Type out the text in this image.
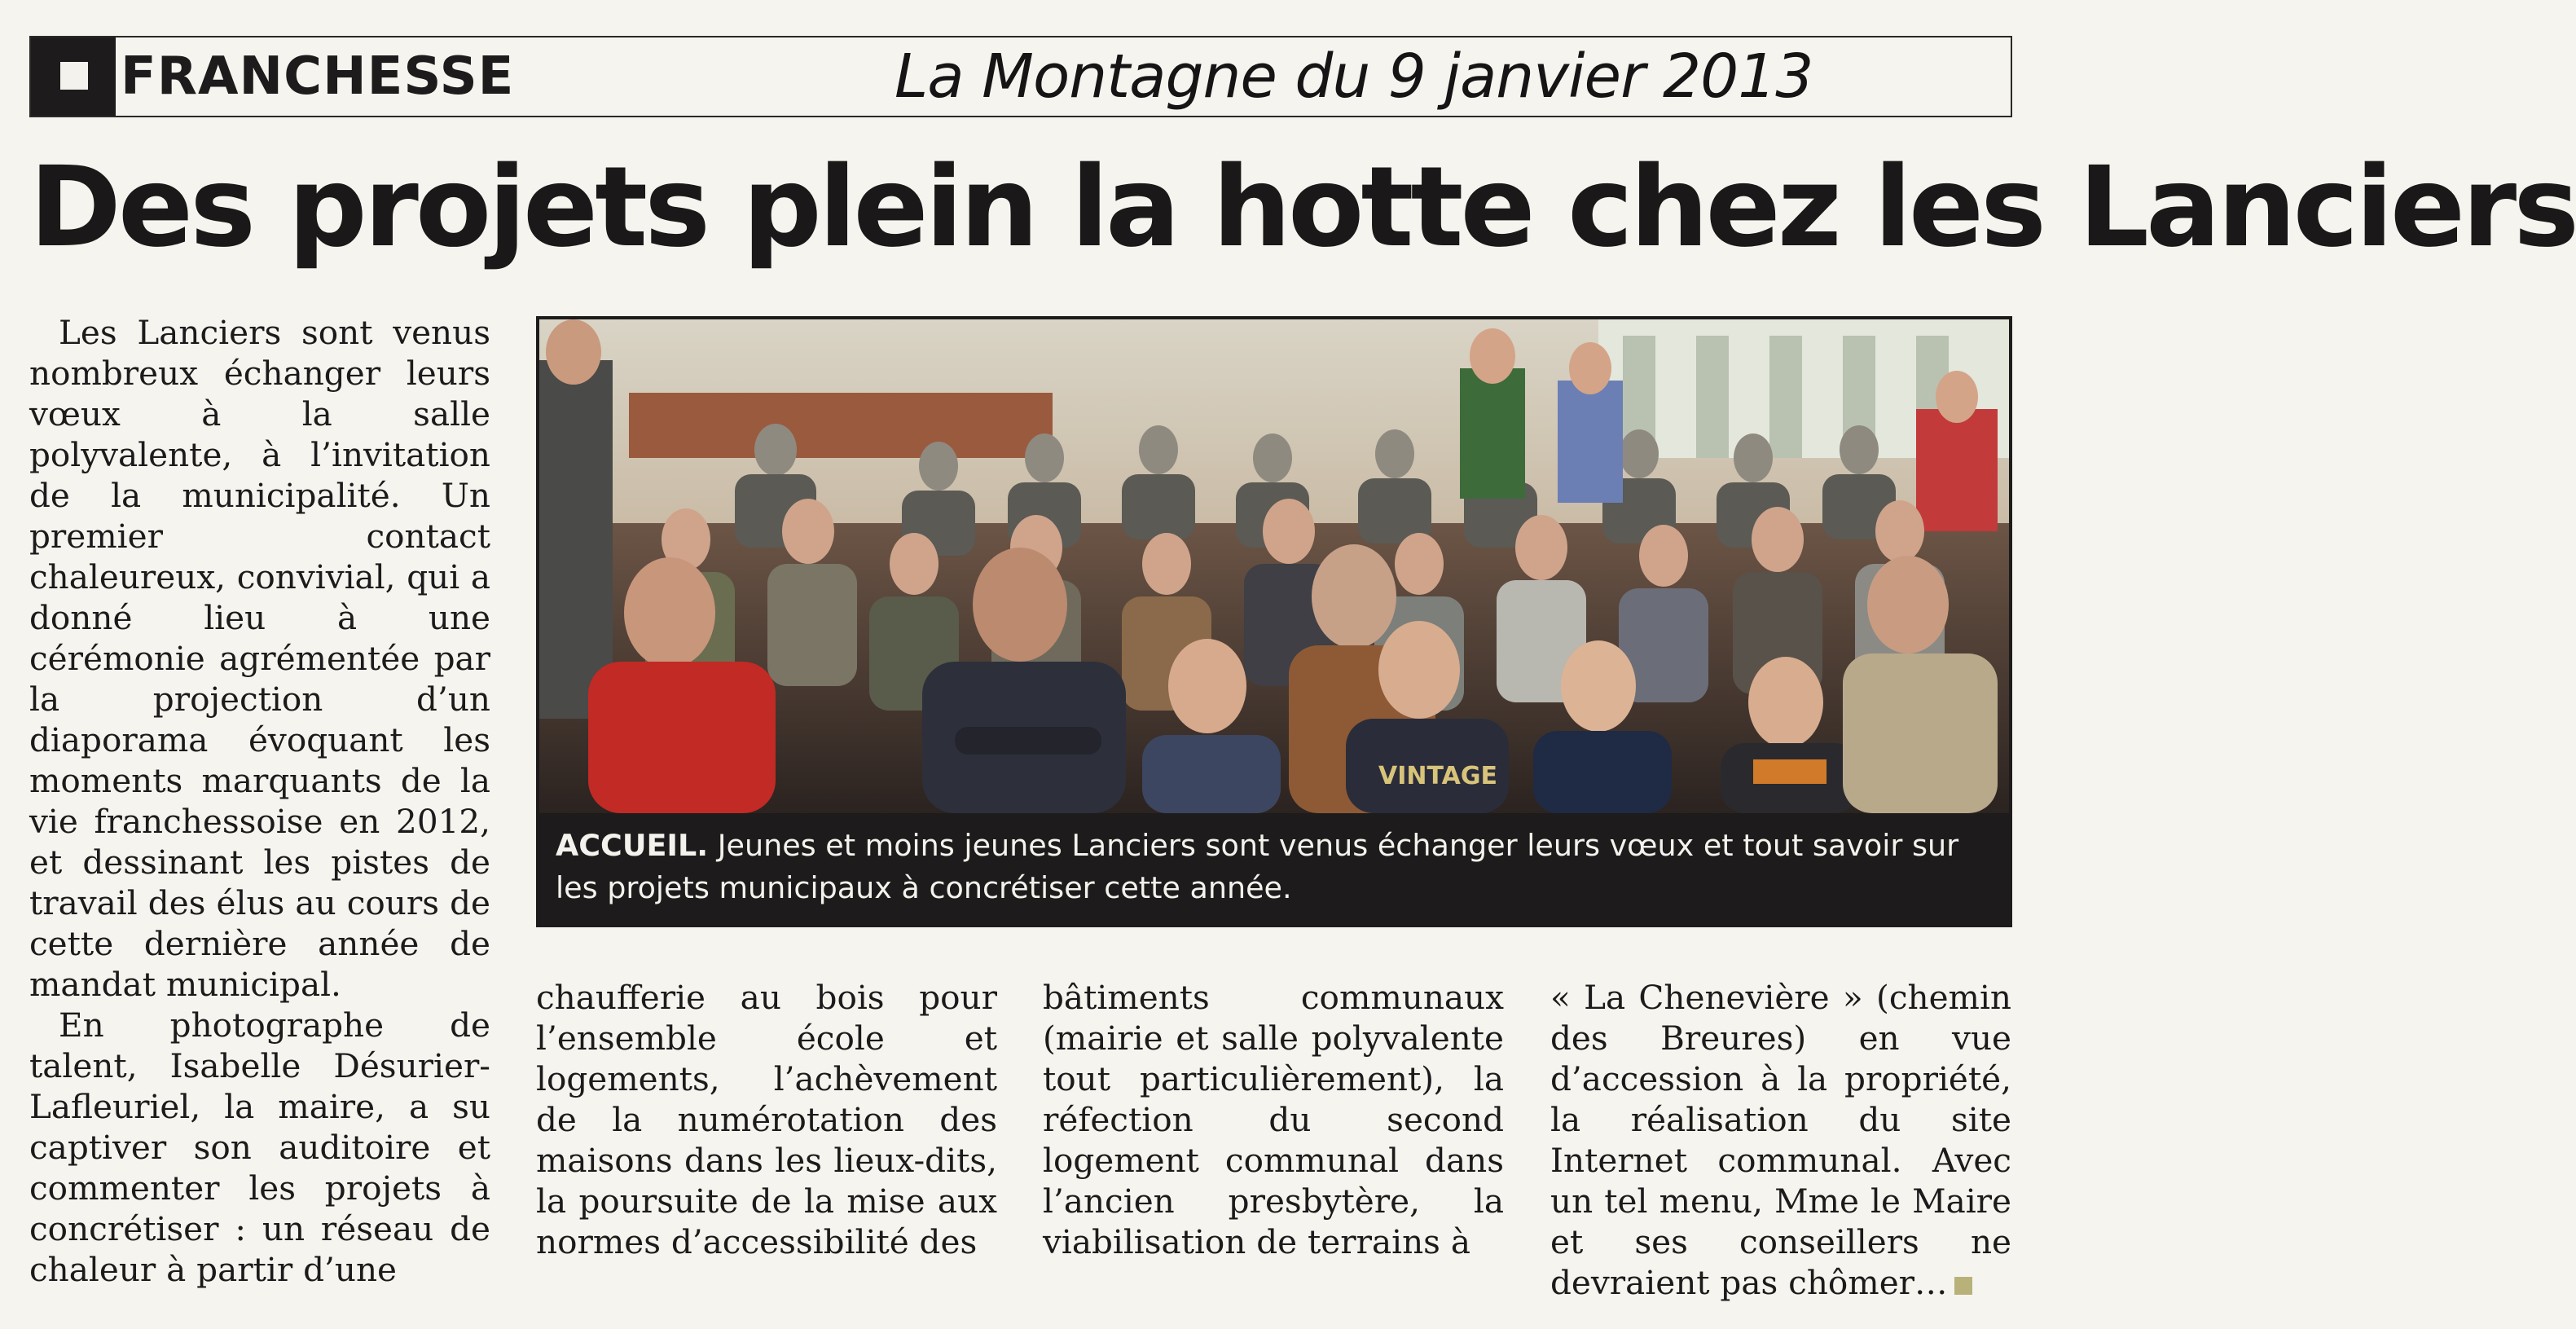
FRANCHESSE	La Montagne du 9 janvier 2013
Des projets plein la hotte chez les Lanciers

Les Lanciers sont venus nombreux échanger leurs vœux à la salle polyvalente, à l’invitation de la municipalité. Un premier contact chaleureux, convivial, qui a donné lieu à une cérémonie agrémentée par la projection d’un diaporama évoquant les moments marquants de la vie franchessoise en 2012, et dessinant les pistes de travail des élus au cours de cette dernière année de mandat municipal.

En photographe de talent, Isabelle Désurier-Lafleuriel, la maire, a su captiver son auditoire et commenter les projets à concrétiser : un réseau de chaleur à partir d’une

VINTAGE
ACCUEIL. Jeunes et moins jeunes Lanciers sont venus échanger leurs vœux et tout savoir sur les projets municipaux à concrétiser cette année.

chaufferie au bois pour l’ensemble école et logements, l’achèvement de la numérotation des maisons dans les lieux-dits, la poursuite de la mise aux normes d’accessibilité des

bâtiments communaux (mairie et salle polyvalente tout particulièrement), la réfection du second logement communal dans l’ancien presbytère, la viabilisation de terrains à

« La Chenevière » (chemin des Breures) en vue d’accession à la propriété, la réalisation du site Internet communal. Avec un tel menu, Mme le Maire et ses conseillers ne devraient pas chômer…
